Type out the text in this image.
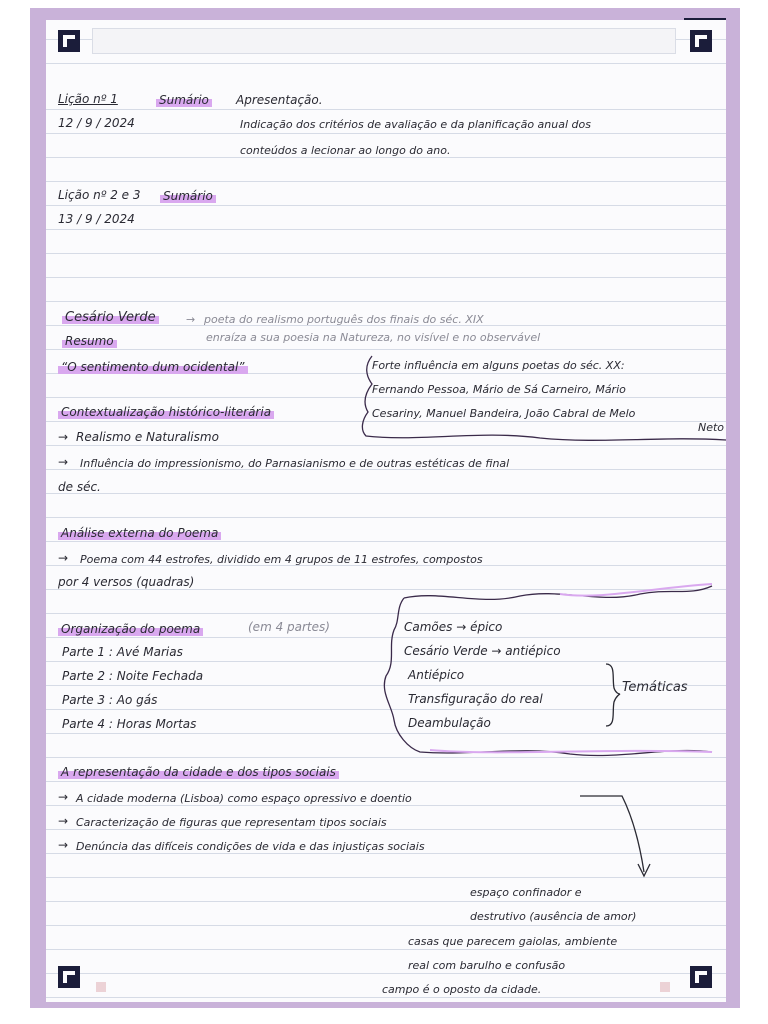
Lição nº 1
12 / 9 / 2024
Sumário Apresentação.
Indicação dos critérios de avaliação e da planificação anual dos
conteúdos a lecionar ao longo do ano.
Lição nº 2 e 3
13 / 9 / 2024
Sumário
Cesário Verde	→ poeta do realismo português dos finais do séc. XIX
Resumo	enraíza a sua poesia na Natureza, no visível e no observável
“O sentimento dum ocidental”	Forte influência em alguns poetas do séc. XX:
Fernando Pessoa, Mário de Sá Carneiro, Mário
Cesariny, Manuel Bandeira, João Cabral de Melo
Neto
Contextualização histórico-literária
→ Realismo e Naturalismo
→ Influência do impressionismo, do Parnasianismo e de outras estéticas de final
de séc.
Análise externa do Poema
→ Poema com 44 estrofes, dividido em 4 grupos de 11 estrofes, compostos
por 4 versos (quadras)
Organização do poema	(em 4 partes)
Parte 1 : Avé Marias
Parte 2 : Noite Fechada
Parte 3 : Ao gás
Parte 4 : Horas Mortas
Camões → épico
Cesário Verde → antiépico
Antiépico
Transfiguração do real
Deambulação
Temáticas
A representação da cidade e dos tipos sociais
→ A cidade moderna (Lisboa) como espaço opressivo e doentio
→ Caracterização de figuras que representam tipos sociais
→ Denúncia das difíceis condições de vida e das injustiças sociais
espaço confinador e
destrutivo (ausência de amor)
casas que parecem gaiolas, ambiente
real com barulho e confusão
campo é o oposto da cidade.
